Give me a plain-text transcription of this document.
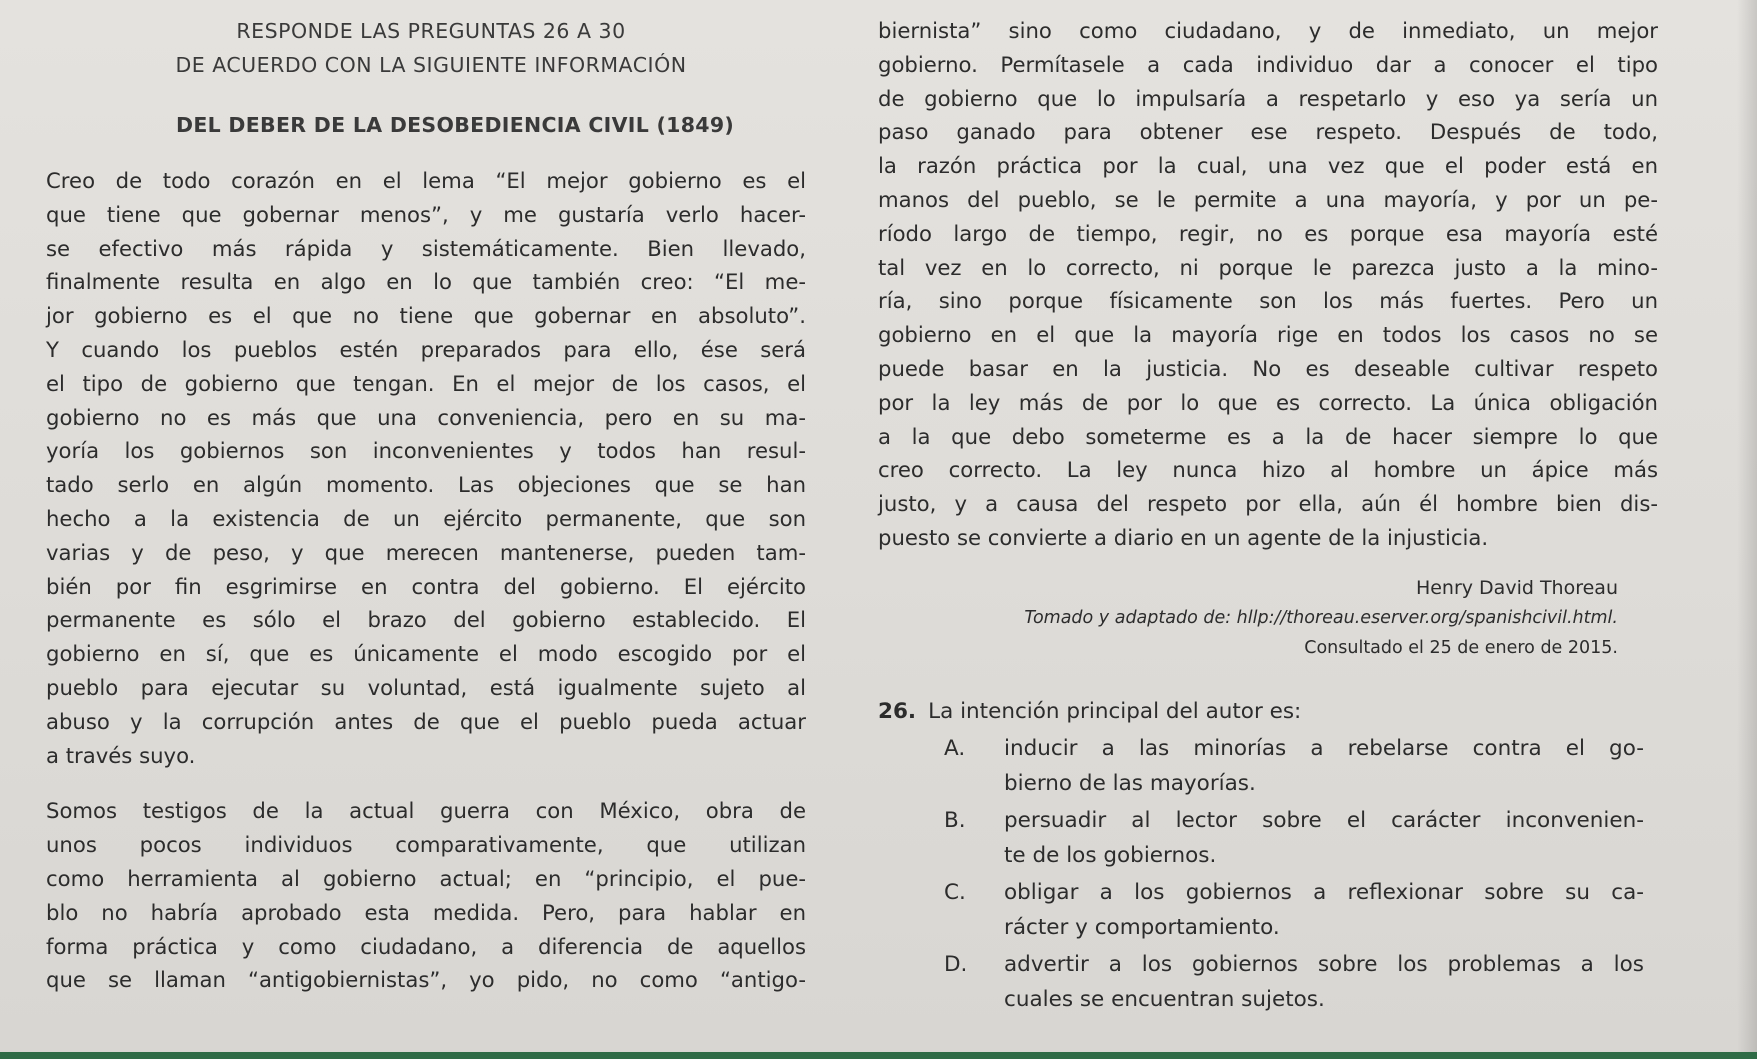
RESPONDE LAS PREGUNTAS 26 A 30
DE ACUERDO CON LA SIGUIENTE INFORMACIÓN
DEL DEBER DE LA DESOBEDIENCIA CIVIL (1849)
Creo de todo corazón en el lema “El mejor gobierno es el
que tiene que gobernar menos”, y me gustaría verlo hacer-
se efectivo más rápida y sistemáticamente. Bien llevado,
finalmente resulta en algo en lo que también creo: “El me-
jor gobierno es el que no tiene que gobernar en absoluto”.
Y cuando los pueblos estén preparados para ello, ése será
el tipo de gobierno que tengan. En el mejor de los casos, el
gobierno no es más que una conveniencia, pero en su ma-
yoría los gobiernos son inconvenientes y todos han resul-
tado serlo en algún momento. Las objeciones que se han
hecho a la existencia de un ejército permanente, que son
varias y de peso, y que merecen mantenerse, pueden tam-
bién por fin esgrimirse en contra del gobierno. El ejército
permanente es sólo el brazo del gobierno establecido. El
gobierno en sí, que es únicamente el modo escogido por el
pueblo para ejecutar su voluntad, está igualmente sujeto al
abuso y la corrupción antes de que el pueblo pueda actuar
a través suyo.
Somos testigos de la actual guerra con México, obra de
unos pocos individuos comparativamente, que utilizan
como herramienta al gobierno actual; en “principio, el pue-
blo no habría aprobado esta medida. Pero, para hablar en
forma práctica y como ciudadano, a diferencia de aquellos
que se llaman “antigobiernistas”, yo pido, no como “antigo-
biernista” sino como ciudadano, y de inmediato, un mejor
gobierno. Permítasele a cada individuo dar a conocer el tipo
de gobierno que lo impulsaría a respetarlo y eso ya sería un
paso ganado para obtener ese respeto. Después de todo,
la razón práctica por la cual, una vez que el poder está en
manos del pueblo, se le permite a una mayoría, y por un pe-
ríodo largo de tiempo, regir, no es porque esa mayoría esté
tal vez en lo correcto, ni porque le parezca justo a la mino-
ría, sino porque físicamente son los más fuertes. Pero un
gobierno en el que la mayoría rige en todos los casos no se
puede basar en la justicia. No es deseable cultivar respeto
por la ley más de por lo que es correcto. La única obligación
a la que debo someterme es a la de hacer siempre lo que
creo correcto. La ley nunca hizo al hombre un ápice más
justo, y a causa del respeto por ella, aún él hombre bien dis-
puesto se convierte a diario en un agente de la injusticia.
Henry David Thoreau
Tomado y adaptado de: hllp://thoreau.eserver.org/spanishcivil.html.
Consultado el 25 de enero de 2015.
26. La intención principal del autor es:
A.	inducir a las minorías a rebelarse contra el go-
bierno de las mayorías.
B.	persuadir al lector sobre el carácter inconvenien-
te de los gobiernos.
C.	obligar a los gobiernos a reflexionar sobre su ca-
rácter y comportamiento.
D.	advertir a los gobiernos sobre los problemas a los
cuales se encuentran sujetos.
